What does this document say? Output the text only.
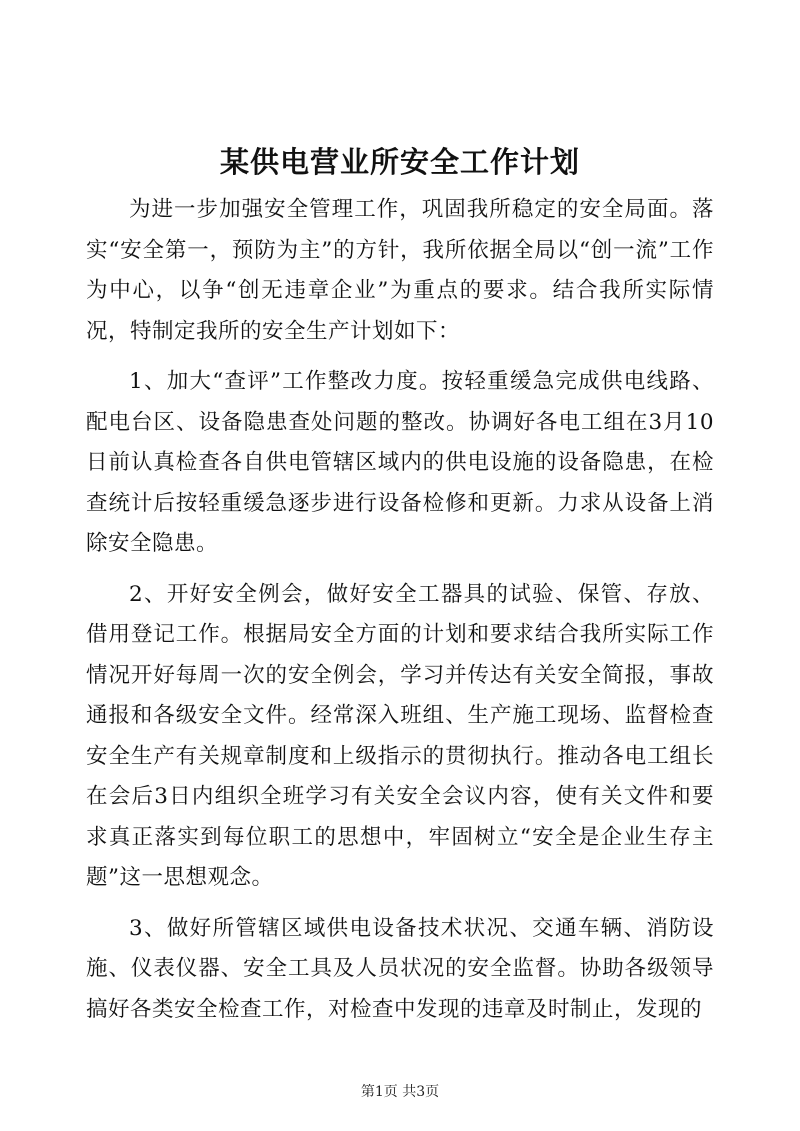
某供电营业所安全工作计划

为进一步加强安全管理工作，巩固我所稳定的安全局面。落实“安全第一，预防为主”的方针，我所依据全局以“创一流”工作为中心，以争“创无违章企业”为重点的要求。结合我所实际情况，特制定我所的安全生产计划如下：

1、加大“查评”工作整改力度。按轻重缓急完成供电线路、配电台区、设备隐患查处问题的整改。协调好各电工组在3月10日前认真检查各自供电管辖区域内的供电设施的设备隐患，在检查统计后按轻重缓急逐步进行设备检修和更新。力求从设备上消除安全隐患。

2、开好安全例会，做好安全工器具的试验、保管、存放、借用登记工作。根据局安全方面的计划和要求结合我所实际工作情况开好每周一次的安全例会，学习并传达有关安全简报，事故通报和各级安全文件。经常深入班组、生产施工现场、监督检查安全生产有关规章制度和上级指示的贯彻执行。推动各电工组长在会后3日内组织全班学习有关安全会议内容，使有关文件和要求真正落实到每位职工的思想中，牢固树立“安全是企业生存主题”这一思想观念。

3、做好所管辖区域供电设备技术状况、交通车辆、消防设施、仪表仪器、安全工具及人员状况的安全监督。协助各级领导搞好各类安全检查工作，对检查中发现的违章及时制止，发现的

第1页 共3页
